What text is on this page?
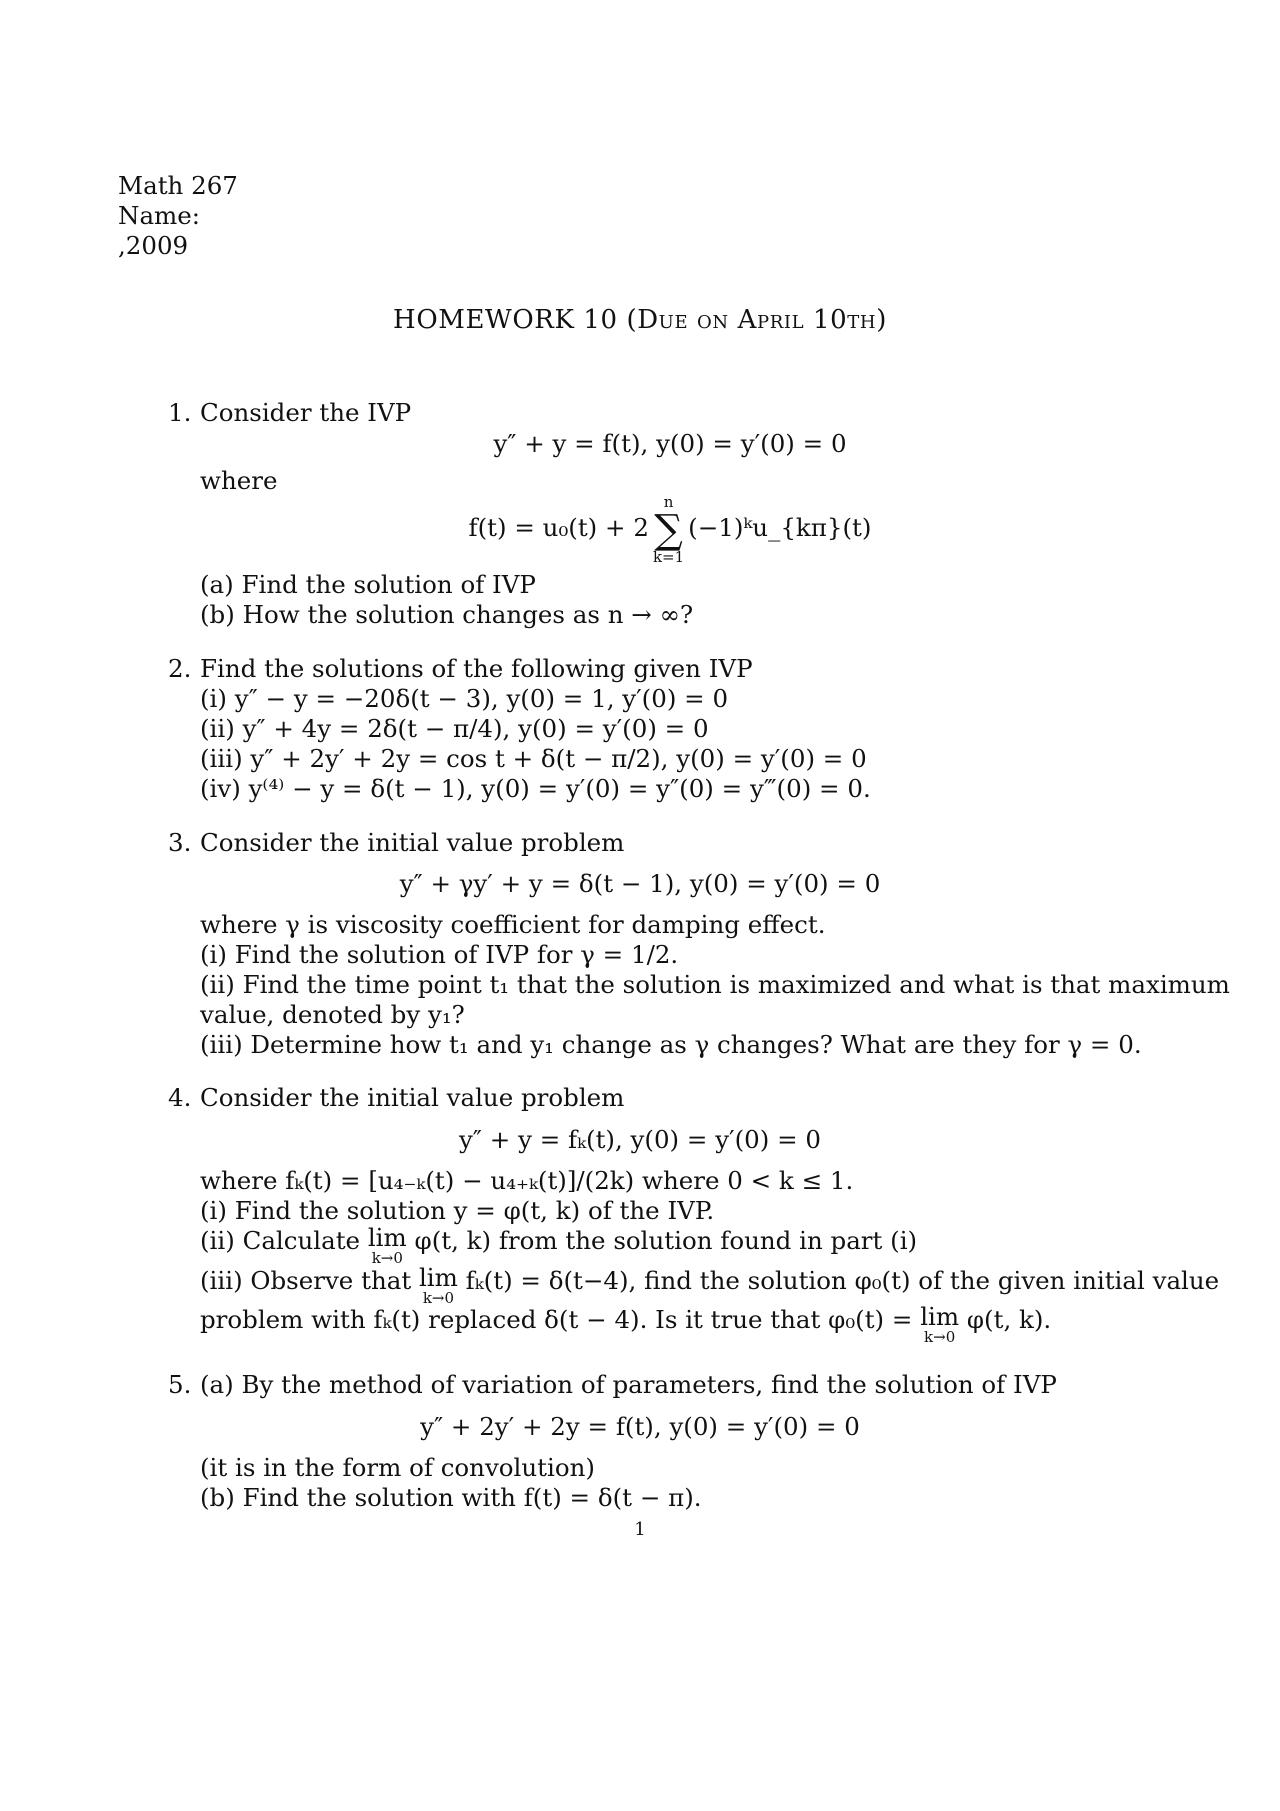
Math 267
Name:
,2009
HOMEWORK 10 (Due on April 10th)
1. Consider the IVP
y″ + y = f(t), y(0) = y′(0) = 0
where
f(t) = u₀(t) + 2
n
∑
k=1
(−1)ᵏu_{kπ}(t)
(a) Find the solution of IVP
(b) How the solution changes as n → ∞?
2. Find the solutions of the following given IVP
(i) y″ − y = −20δ(t − 3), y(0) = 1, y′(0) = 0
(ii) y″ + 4y = 2δ(t − π/4), y(0) = y′(0) = 0
(iii) y″ + 2y′ + 2y = cos t + δ(t − π/2), y(0) = y′(0) = 0
(iv) y⁽⁴⁾ − y = δ(t − 1), y(0) = y′(0) = y″(0) = y‴(0) = 0.
3. Consider the initial value problem
y″ + γy′ + y = δ(t − 1), y(0) = y′(0) = 0
where γ is viscosity coefficient for damping effect.
(i) Find the solution of IVP for γ = 1/2.
(ii) Find the time point t₁ that the solution is maximized and what is that maximum
value, denoted by y₁?
(iii) Determine how t₁ and y₁ change as γ changes? What are they for γ = 0.
4. Consider the initial value problem
y″ + y = fₖ(t), y(0) = y′(0) = 0
where fₖ(t) = [u₄₋ₖ(t) − u₄₊ₖ(t)]/(2k) where 0 < k ≤ 1.
(i) Find the solution y = φ(t, k) of the IVP.
(ii) Calculate lim
k→0
φ(t, k) from the solution found in part (i)
(iii) Observe that lim
k→0
fₖ(t) = δ(t−4), find the solution φ₀(t) of the given initial value
problem with fₖ(t) replaced δ(t − 4). Is it true that φ₀(t) = lim
k→0
φ(t, k).
5. (a) By the method of variation of parameters, find the solution of IVP
y″ + 2y′ + 2y = f(t), y(0) = y′(0) = 0
(it is in the form of convolution)
(b) Find the solution with f(t) = δ(t − π).
1
